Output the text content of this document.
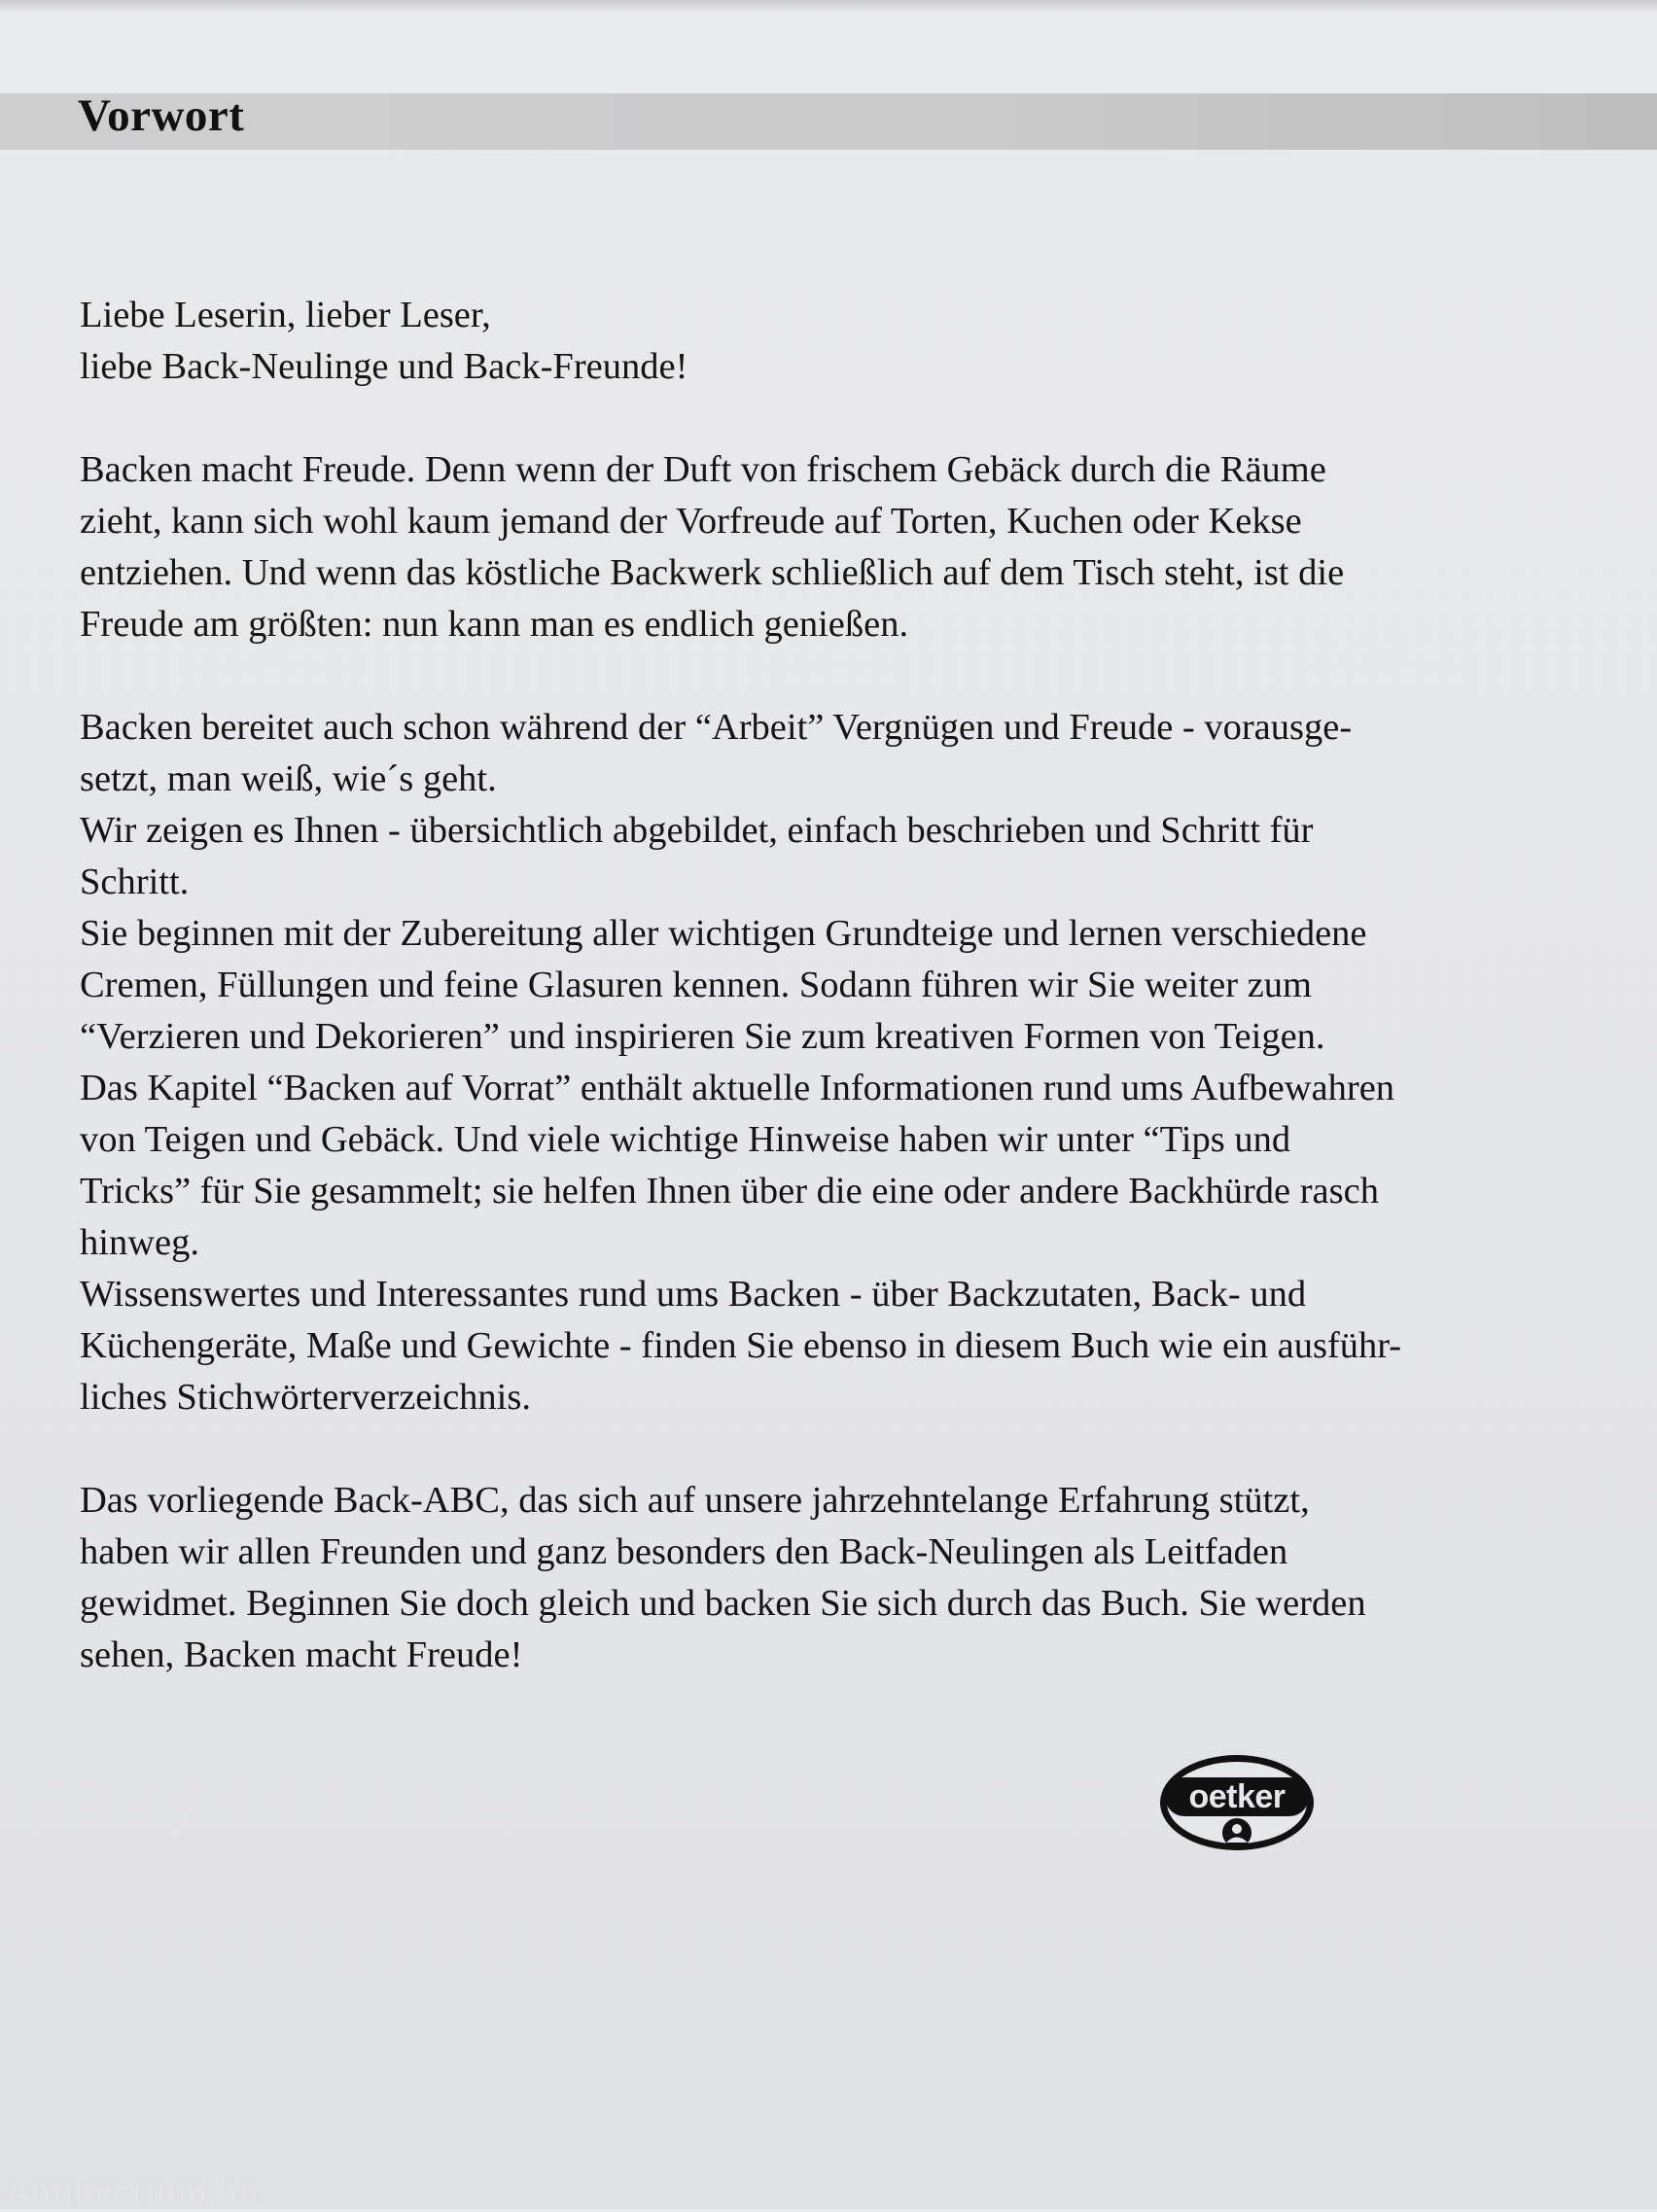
Vorwort

Liebe Leserin, lieber Leser,
liebe Back-Neulinge und Back-Freunde!

Backen macht Freude. Denn wenn der Duft von frischem Gebäck durch die Räume
zieht, kann sich wohl kaum jemand der Vorfreude auf Torten, Kuchen oder Kekse
entziehen. Und wenn das köstliche Backwerk schließlich auf dem Tisch steht, ist die
Freude am größten: nun kann man es endlich genießen.

Backen bereitet auch schon während der “Arbeit” Vergnügen und Freude - vorausge-
setzt, man weiß, wie´s geht.
Wir zeigen es Ihnen - übersichtlich abgebildet, einfach beschrieben und Schritt für
Schritt.
Sie beginnen mit der Zubereitung aller wichtigen Grundteige und lernen verschiedene
Cremen, Füllungen und feine Glasuren kennen. Sodann führen wir Sie weiter zum
“Verzieren und Dekorieren” und inspirieren Sie zum kreativen Formen von Teigen.
Das Kapitel “Backen auf Vorrat” enthält aktuelle Informationen rund ums Aufbewahren
von Teigen und Gebäck. Und viele wichtige Hinweise haben wir unter “Tips und
Tricks” für Sie gesammelt; sie helfen Ihnen über die eine oder andere Backhürde rasch
hinweg.
Wissenswertes und Interessantes rund ums Backen - über Backzutaten, Back- und
Küchengeräte, Maße und Gewichte - finden Sie ebenso in diesem Buch wie ein ausführ-
liches Stichwörterverzeichnis.

Das vorliegende Back-ABC, das sich auf unsere jahrzehntelange Erfahrung stützt,
haben wir allen Freunden und ganz besonders den Back-Neulingen als Leitfaden
gewidmet. Beginnen Sie doch gleich und backen Sie sich durch das Buch. Sie werden
sehen, Backen macht Freude!

oetker
Antikvarium.hu
